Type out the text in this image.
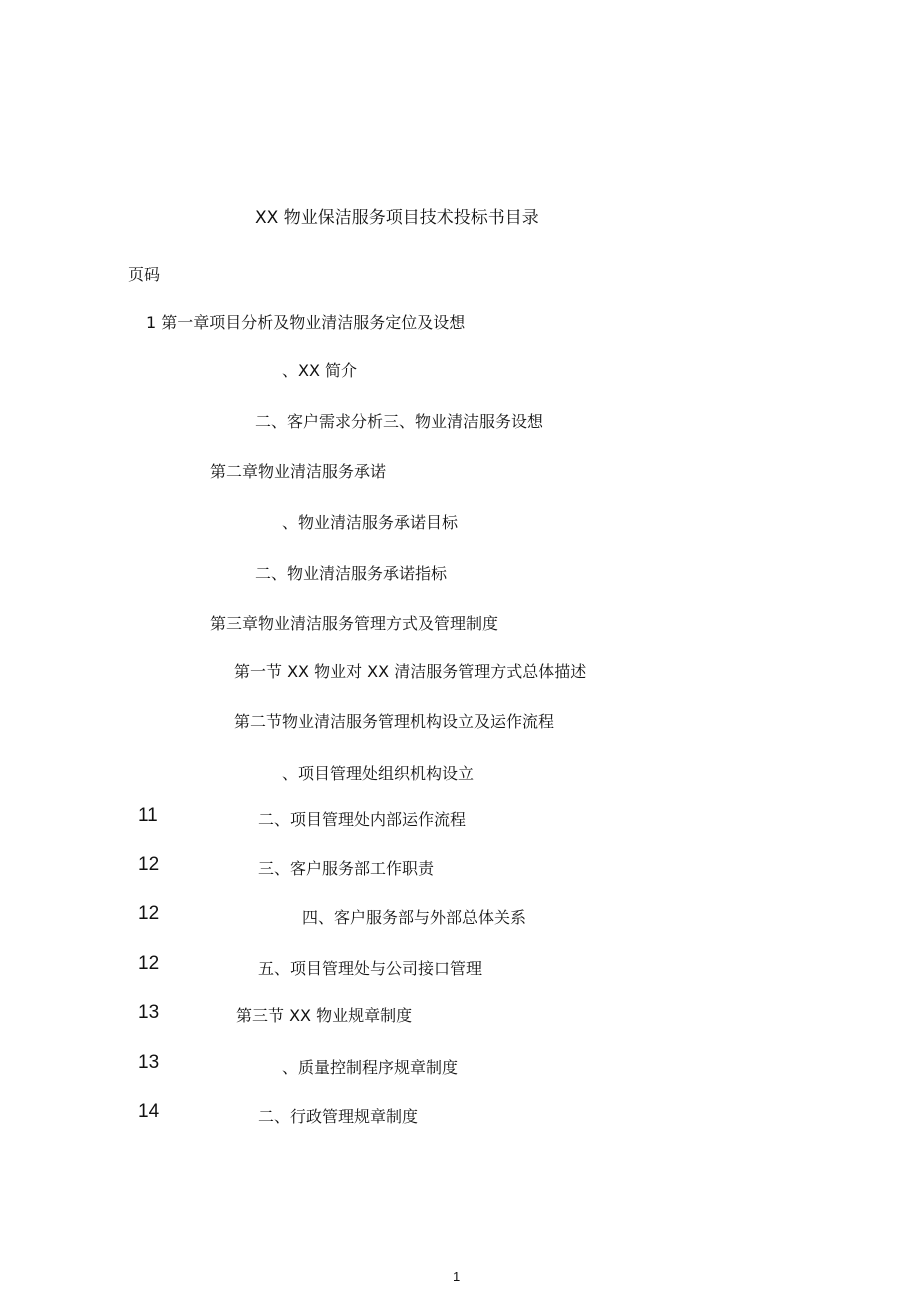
XX 物业保洁服务项目技术投标书目录
页码
1 第一章项目分析及物业清洁服务定位及设想
、XX 简介
二、客户需求分析三、物业清洁服务设想
第二章物业清洁服务承诺
、物业清洁服务承诺目标
二、物业清洁服务承诺指标
第三章物业清洁服务管理方式及管理制度
第一节 XX 物业对 XX 清洁服务管理方式总体描述
第二节物业清洁服务管理机构设立及运作流程
、项目管理处组织机构设立
11	二、项目管理处内部运作流程
12	三、客户服务部工作职责
12	四、客户服务部与外部总体关系
12	五、项目管理处与公司接口管理
13	第三节 XX 物业规章制度
13	、质量控制程序规章制度
14	二、行政管理规章制度
1
